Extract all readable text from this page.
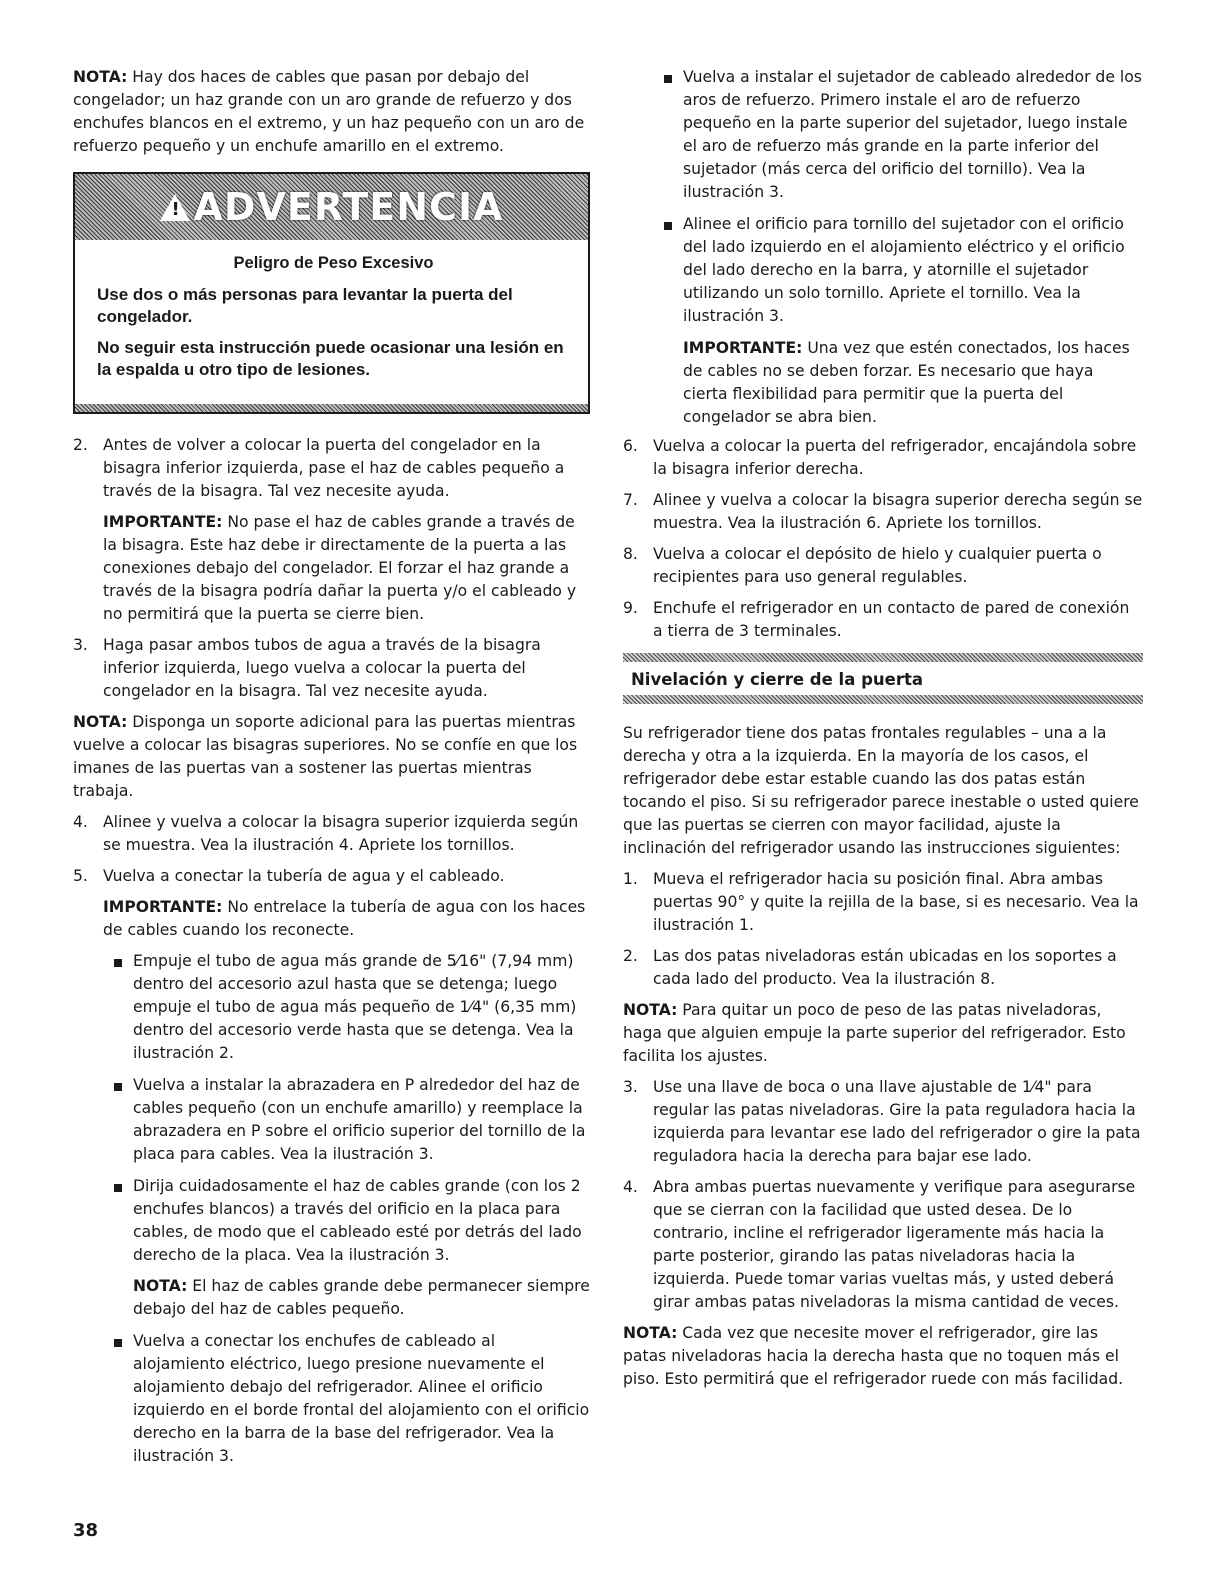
NOTA: Hay dos haces de cables que pasan por debajo del congelador; un haz grande con un aro grande de refuerzo y dos enchufes blancos en el extremo, y un haz pequeño con un aro de refuerzo pequeño y un enchufe amarillo en el extremo.

! ADVERTENCIA
Peligro de Peso Excesivo

Use dos o más personas para levantar la puerta del congelador.

No seguir esta instrucción puede ocasionar una lesión en la espalda u otro tipo de lesiones.

2. Antes de volver a colocar la puerta del congelador en la bisagra inferior izquierda, pase el haz de cables pequeño a través de la bisagra. Tal vez necesite ayuda.
IMPORTANTE: No pase el haz de cables grande a través de la bisagra. Este haz debe ir directamente de la puerta a las conexiones debajo del congelador. El forzar el haz grande a través de la bisagra podría dañar la puerta y/o el cableado y no permitirá que la puerta se cierre bien.
3. Haga pasar ambos tubos de agua a través de la bisagra inferior izquierda, luego vuelva a colocar la puerta del congelador en la bisagra. Tal vez necesite ayuda.

NOTA: Disponga un soporte adicional para las puertas mientras vuelve a colocar las bisagras superiores. No se confíe en que los imanes de las puertas van a sostener las puertas mientras trabaja.

4. Alinee y vuelva a colocar la bisagra superior izquierda según se muestra. Vea la ilustración 4. Apriete los tornillos.
5. Vuelva a conectar la tubería de agua y el cableado.
IMPORTANTE: No entrelace la tubería de agua con los haces de cables cuando los reconecte.
Empuje el tubo de agua más grande de 5⁄16" (7,94 mm) dentro del accesorio azul hasta que se detenga; luego empuje el tubo de agua más pequeño de 1⁄4" (6,35 mm) dentro del accesorio verde hasta que se detenga. Vea la ilustración 2.
Vuelva a instalar la abrazadera en P alrededor del haz de cables pequeño (con un enchufe amarillo) y reemplace la abrazadera en P sobre el orificio superior del tornillo de la placa para cables. Vea la ilustración 3.
Dirija cuidadosamente el haz de cables grande (con los 2 enchufes blancos) a través del orificio en la placa para cables, de modo que el cableado esté por detrás del lado derecho de la placa. Vea la ilustración 3.
NOTA: El haz de cables grande debe permanecer siempre debajo del haz de cables pequeño.
Vuelva a conectar los enchufes de cableado al alojamiento eléctrico, luego presione nuevamente el alojamiento debajo del refrigerador. Alinee el orificio izquierdo en el borde frontal del alojamiento con el orificio derecho en la barra de la base del refrigerador. Vea la ilustración 3.
Vuelva a instalar el sujetador de cableado alrededor de los aros de refuerzo. Primero instale el aro de refuerzo pequeño en la parte superior del sujetador, luego instale el aro de refuerzo más grande en la parte inferior del sujetador (más cerca del orificio del tornillo). Vea la ilustración 3.
Alinee el orificio para tornillo del sujetador con el orificio del lado izquierdo en el alojamiento eléctrico y el orificio del lado derecho en la barra, y atornille el sujetador utilizando un solo tornillo. Apriete el tornillo. Vea la ilustración 3.
IMPORTANTE: Una vez que estén conectados, los haces de cables no se deben forzar. Es necesario que haya cierta flexibilidad para permitir que la puerta del congelador se abra bien.
6. Vuelva a colocar la puerta del refrigerador, encajándola sobre la bisagra inferior derecha.
7. Alinee y vuelva a colocar la bisagra superior derecha según se muestra. Vea la ilustración 6. Apriete los tornillos.
8. Vuelva a colocar el depósito de hielo y cualquier puerta o recipientes para uso general regulables.
9. Enchufe el refrigerador en un contacto de pared de conexión a tierra de 3 terminales.
Nivelación y cierre de la puerta

Su refrigerador tiene dos patas frontales regulables – una a la derecha y otra a la izquierda. En la mayoría de los casos, el refrigerador debe estar estable cuando las dos patas están tocando el piso. Si su refrigerador parece inestable o usted quiere que las puertas se cierren con mayor facilidad, ajuste la inclinación del refrigerador usando las instrucciones siguientes:

1. Mueva el refrigerador hacia su posición final. Abra ambas puertas 90° y quite la rejilla de la base, si es necesario. Vea la ilustración 1.
2. Las dos patas niveladoras están ubicadas en los soportes a cada lado del producto. Vea la ilustración 8.

NOTA: Para quitar un poco de peso de las patas niveladoras, haga que alguien empuje la parte superior del refrigerador. Esto facilita los ajustes.

3. Use una llave de boca o una llave ajustable de 1⁄4" para regular las patas niveladoras. Gire la pata reguladora hacia la izquierda para levantar ese lado del refrigerador o gire la pata reguladora hacia la derecha para bajar ese lado.
4. Abra ambas puertas nuevamente y verifique para asegurarse que se cierran con la facilidad que usted desea. De lo contrario, incline el refrigerador ligeramente más hacia la parte posterior, girando las patas niveladoras hacia la izquierda. Puede tomar varias vueltas más, y usted deberá girar ambas patas niveladoras la misma cantidad de veces.

NOTA: Cada vez que necesite mover el refrigerador, gire las patas niveladoras hacia la derecha hasta que no toquen más el piso. Esto permitirá que el refrigerador ruede con más facilidad.

38
